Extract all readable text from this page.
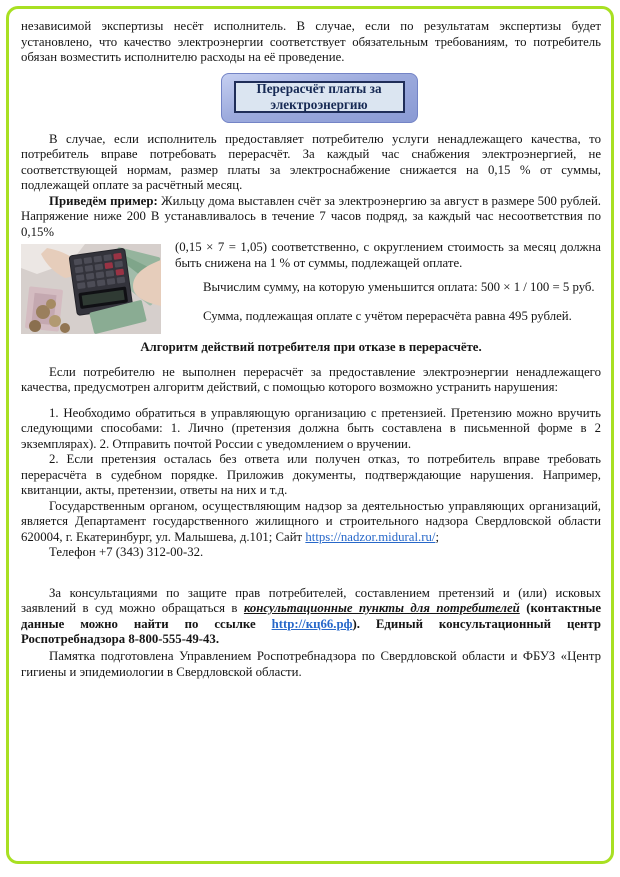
независимой экспертизы несёт исполнитель. В случае, если по результатам экспертизы будет установлено, что качество электроэнергии соответствует обязательным требованиям, то потребитель обязан возместить исполнителю расходы на её проведение.

Перерасчёт платы за электроэнергию

В случае, если исполнитель предоставляет потребителю услуги ненадлежащего качества, то потребитель вправе потребовать перерасчёт. За каждый час снабжения электроэнергией, не соответствующей нормам, размер платы за электроснабжение снижается на 0,15 % от суммы, подлежащей оплате за расчётный месяц.

Приведём пример: Жильцу дома выставлен счёт за электроэнергию за август в размере 500 рублей. Напряжение ниже 200 В устанавливалось в течение 7 часов подряд, за каждый час несоответствия по 0,15%

(0,15 × 7 = 1,05) соответственно, с округлением стоимость за месяц должна быть снижена на 1 % от суммы, подлежащей оплате.

Вычислим сумму, на которую уменьшится оплата: 500 × 1 / 100 = 5 руб.

Сумма, подлежащая оплате с учётом перерасчёта равна 495 рублей.

Алгоритм действий потребителя при отказе в перерасчёте.

Если потребителю не выполнен перерасчёт за предоставление электроэнергии ненадлежащего качества, предусмотрен алгоритм действий, с помощью которого возможно устранить нарушения:

1. Необходимо обратиться в управляющую организацию с претензией. Претензию можно вручить следующими способами: 1. Лично (претензия должна быть составлена в письменной форме в 2 экземплярах). 2. Отправить почтой России с уведомлением о вручении.

2. Если претензия осталась без ответа или получен отказ, то потребитель вправе требовать перерасчёта в судебном порядке. Приложив документы, подтверждающие нарушения. Например, квитанции, акты, претензии, ответы на них и т.д.

Государственным органом, осуществляющим надзор за деятельностью управляющих организаций, является Департамент государственного жилищного и строительного надзора Свердловской области 620004, г. Екатеринбург, ул. Малышева, д.101; Сайт https://nadzor.midural.ru/;

Телефон +7 (343) 312-00-32.

За консультациями по защите прав потребителей, составлением претензий и (или) исковых заявлений в суд можно обращаться в консультационные пункты для потребителей (контактные данные можно найти по ссылке http://кц66.рф). Единый консультационный центр Роспотребнадзора 8-800-555-49-43.

Памятка подготовлена Управлением Роспотребнадзора по Свердловской области и ФБУЗ «Центр гигиены и эпидемиологии в Свердловской области.
